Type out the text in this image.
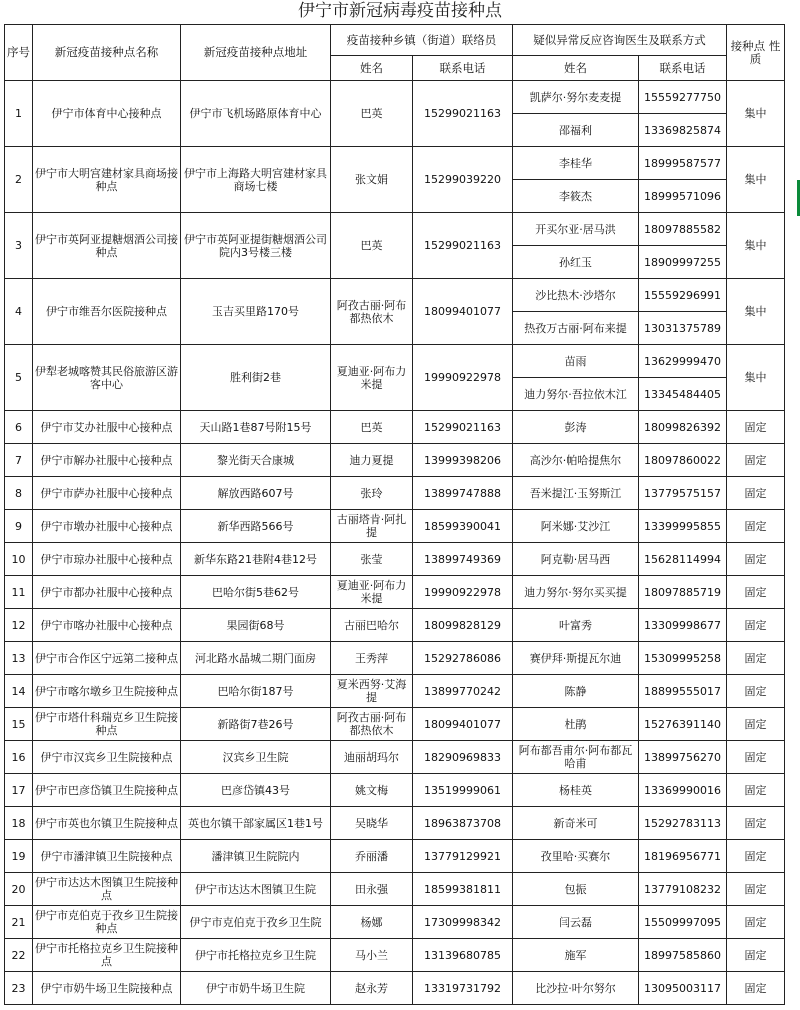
伊宁市新冠病毒疫苗接种点
序号	新冠疫苗接种点名称	新冠疫苗接种点地址	疫苗接种乡镇（街道）联络员		疑似异常反应咨询医生及联系方式		接种点 性质
			姓名	联系电话	姓名	联系电话	
1	伊宁市体育中心接种点	伊宁市飞机场路原体育中心	巴英	15299021163	凯萨尔·努尔麦麦提	15559277750	集中
					邵福利	13369825874	
2	伊宁市大明宫建材家具商场接种点	伊宁市上海路大明宫建材家具商场七楼	张文娟	15299039220	李桂华	18999587577	集中
					李筱杰	18999571096	
3	伊宁市英阿亚提糖烟酒公司接种点	伊宁市英阿亚提街糖烟酒公司院内3号楼三楼	巴英	15299021163	开买尔亚·居马洪	18097885582	集中
					孙红玉	18909997255	
4	伊宁市维吾尔医院接种点	玉吉买里路170号	阿孜古丽·阿布都热依木	18099401077	沙比热木·沙塔尔	15559296991	集中
					热孜万古丽·阿布来提	13031375789	
5	伊犁老城喀赞其民俗旅游区游客中心	胜利街2巷	夏迪亚·阿布力米提	19990922978	苗雨	13629999470	集中
					迪力努尔·吾拉依木江	13345484405	
6	伊宁市艾办社服中心接种点	天山路1巷87号附15号	巴英	15299021163	彭涛	18099826392	固定
7	伊宁市解办社服中心接种点	黎光街天合康城	迪力夏提	13999398206	高沙尔·帕哈提焦尔	18097860022	固定
8	伊宁市萨办社服中心接种点	解放西路607号	张玲	13899747888	吾米提江·玉努斯江	13779575157	固定
9	伊宁市墩办社服中心接种点	新华西路566号	古丽塔肯·阿扎提	18599390041	阿米娜·艾沙江	13399995855	固定
10	伊宁市琼办社服中心接种点	新华东路21巷附4巷12号	张莹	13899749369	阿克勒·居马西	15628114994	固定
11	伊宁市都办社服中心接种点	巴哈尔街5巷62号	夏迪亚·阿布力米提	19990922978	迪力努尔·努尔买买提	18097885719	固定
12	伊宁市喀办社服中心接种点	果园街68号	古丽巴哈尔	18099828129	叶富秀	13309998677	固定
13	伊宁市合作区宁远第二接种点	河北路水晶城二期门面房	王秀萍	15292786086	赛伊拜·斯提瓦尔迪	15309995258	固定
14	伊宁市喀尔墩乡卫生院接种点	巴哈尔街187号	夏米西努·艾海提	13899770242	陈静	18899555017	固定
15	伊宁市塔什科瑞克乡卫生院接种点	新路街7巷26号	阿孜古丽·阿布都热依木	18099401077	杜鹃	15276391140	固定
16	伊宁市汉宾乡卫生院接种点	汉宾乡卫生院	迪丽胡玛尔	18290969833	阿布都吾甫尔·阿布都瓦哈甫	13899756270	固定
17	伊宁市巴彦岱镇卫生院接种点	巴彦岱镇43号	姚文梅	13519999061	杨桂英	13369990016	固定
18	伊宁市英也尔镇卫生院接种点	英也尔镇干部家属区1巷1号	吴晓华	18963873708	新奇米可	15292783113	固定
19	伊宁市潘津镇卫生院接种点	潘津镇卫生院院内	乔丽潘	13779129921	孜里哈·买赛尔	18196956771	固定
20	伊宁市达达木图镇卫生院接种点	伊宁市达达木图镇卫生院	田永强	18599381811	包振	13779108232	固定
21	伊宁市克伯克于孜乡卫生院接种点	伊宁市克伯克于孜乡卫生院	杨娜	17309998342	闫云磊	15509997095	固定
22	伊宁市托格拉克乡卫生院接种点	伊宁市托格拉克乡卫生院	马小兰	13139680785	施军	18997585860	固定
23	伊宁市奶牛场卫生院接种点	伊宁市奶牛场卫生院	赵永芳	13319731792	比沙拉·叶尔努尔	13095003117	固定
